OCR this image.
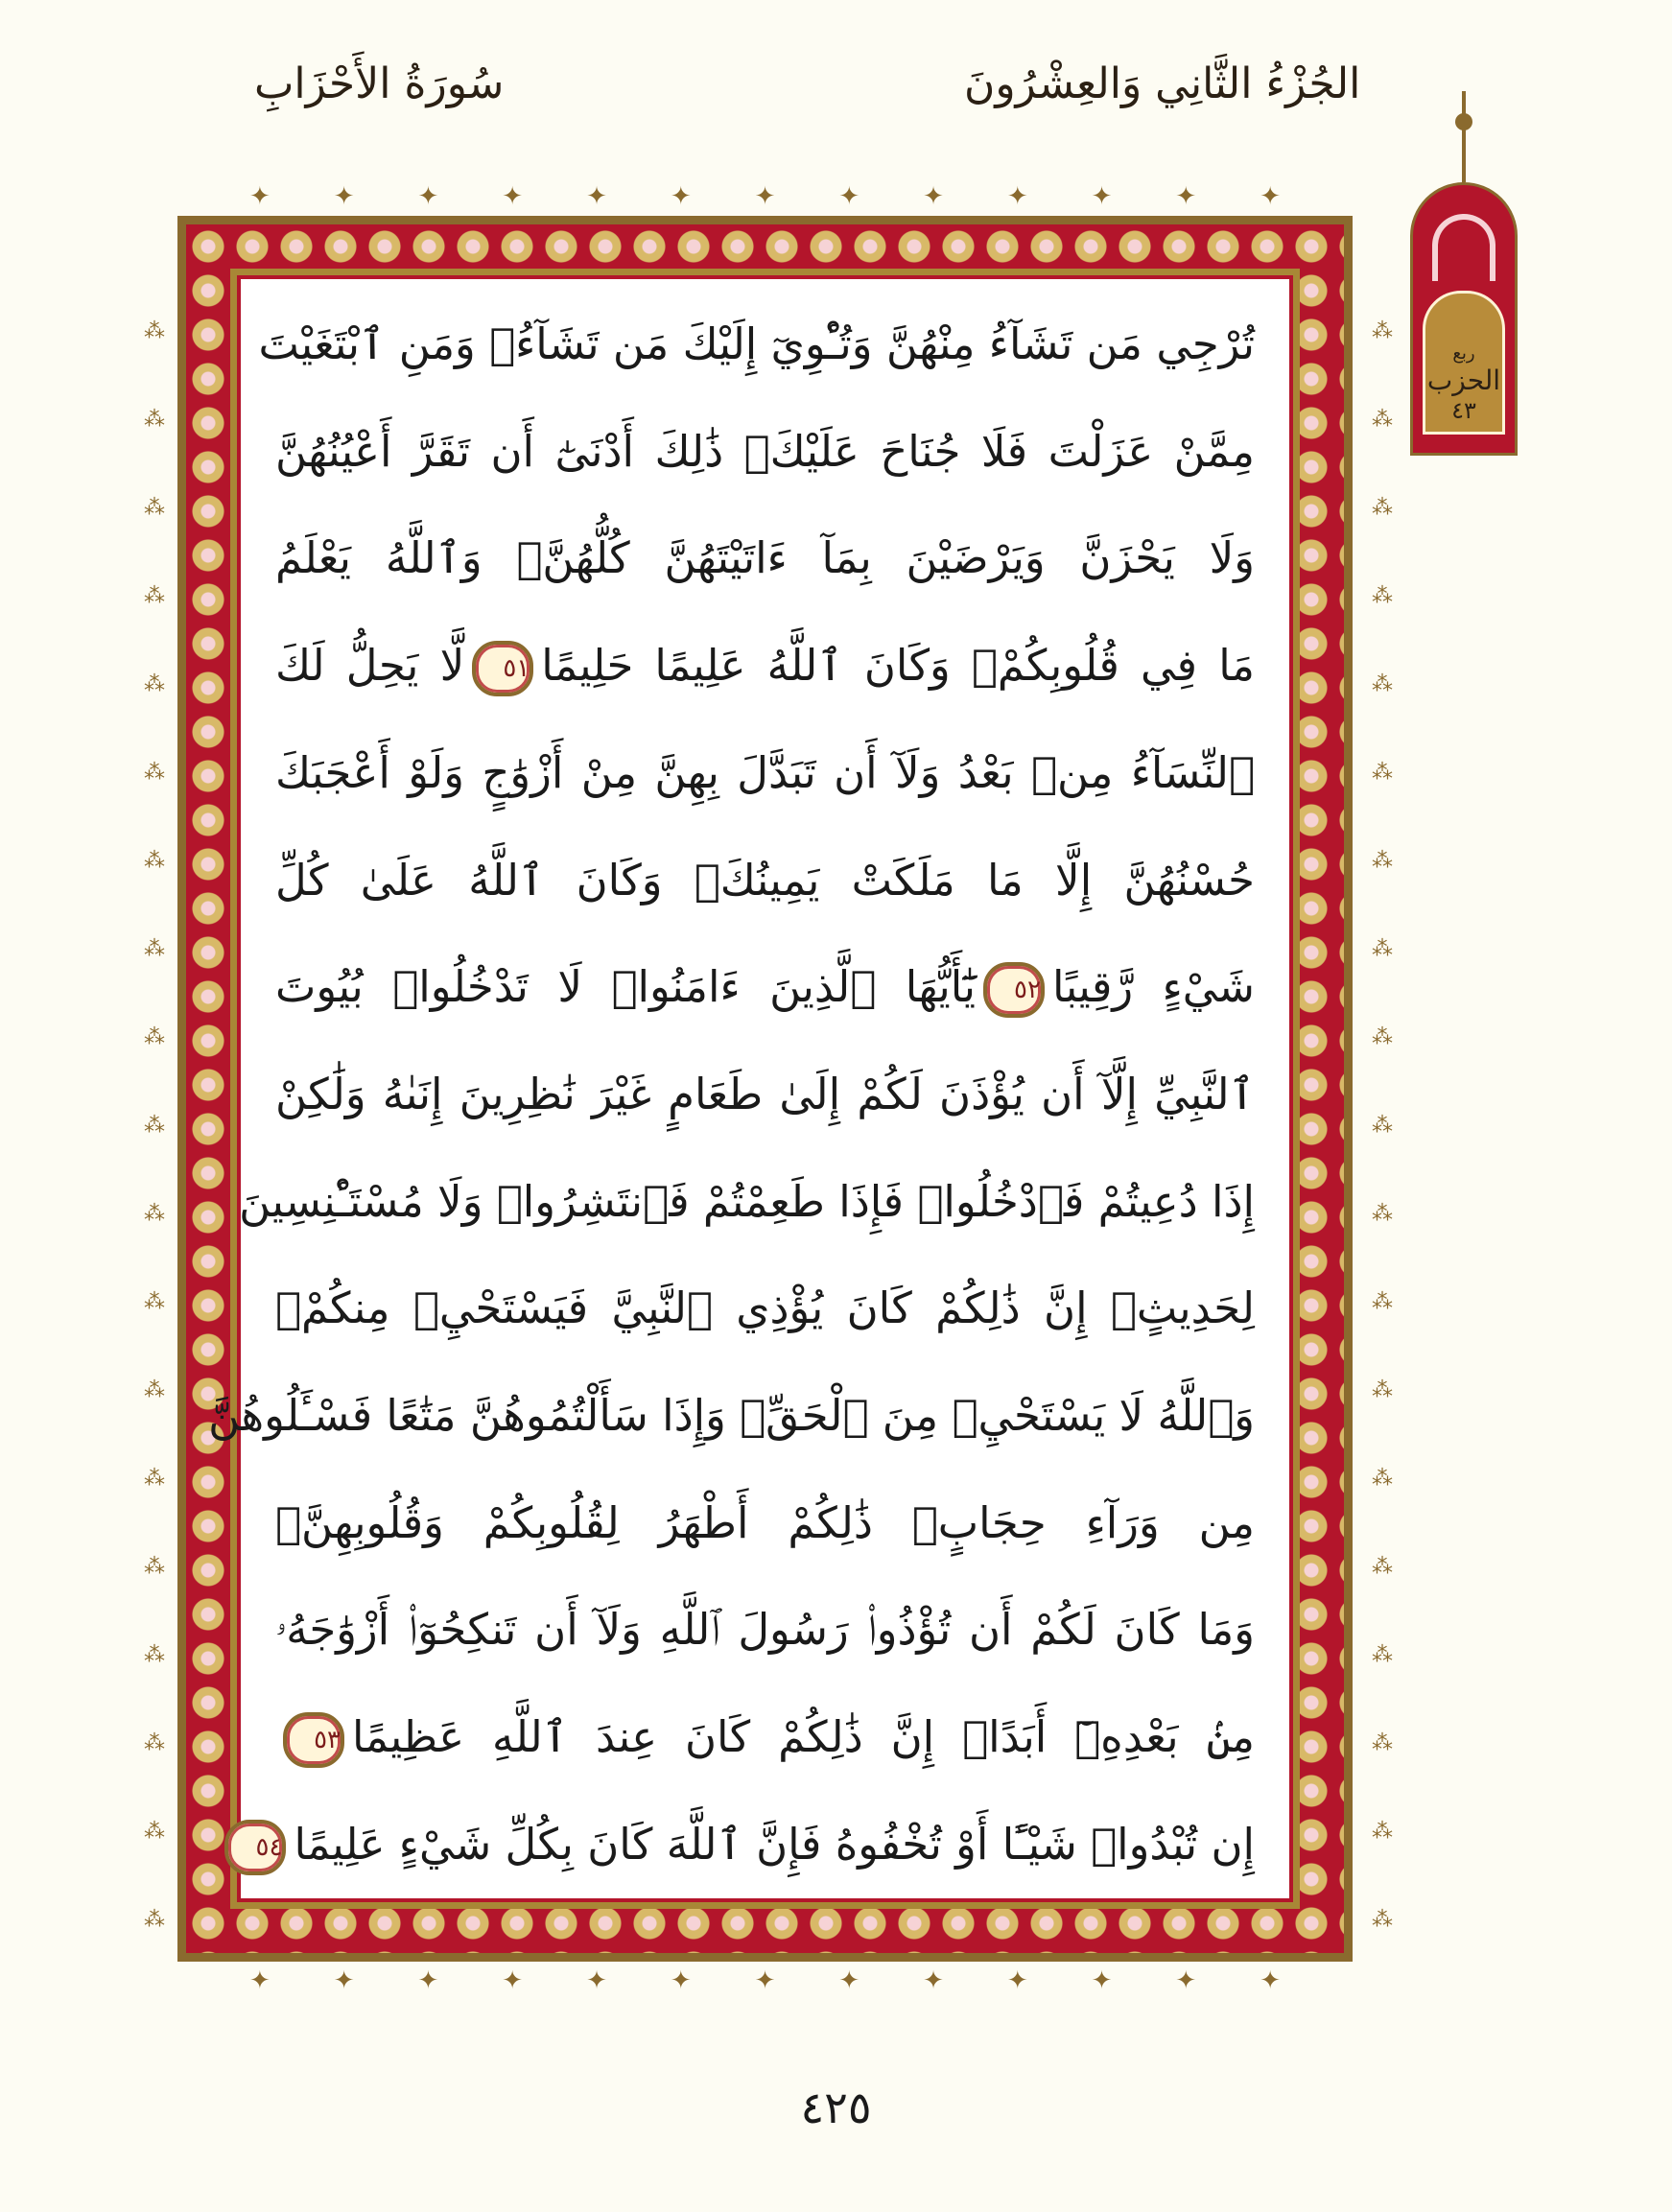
الجُزْءُ الثَّانِي وَالعِشْرُونَ
سُورَةُ الأَحْزَابِ
✦	✦	✦	✦	✦	✦	✦	✦	✦	✦	✦	✦	✦
⁂
⁂
⁂
⁂
⁂
⁂
⁂
⁂
⁂
⁂
⁂
⁂
⁂
⁂
⁂
⁂
⁂
⁂
⁂
⁂
⁂
⁂
⁂
⁂
⁂
⁂
⁂
⁂
⁂
⁂
⁂
⁂
⁂
⁂
⁂
⁂
⁂
⁂
تُرْجِي مَن تَشَآءُ مِنْهُنَّ وَتُـْٔوِيٓ إِلَيْكَ مَن تَشَآءُۖ وَمَنِ ٱبْتَغَيْتَ
مِمَّنْ عَزَلْتَ فَلَا جُنَاحَ عَلَيْكَۚ ذَٰلِكَ أَدْنَىٰٓ أَن تَقَرَّ أَعْيُنُهُنَّ
وَلَا يَحْزَنَّ وَيَرْضَيْنَ بِمَآ ءَاتَيْتَهُنَّ كُلُّهُنَّۚ وَٱللَّهُ يَعْلَمُ
مَا فِي قُلُوبِكُمْۚ وَكَانَ ٱللَّهُ عَلِيمًا حَلِيمًا٥١لَّا يَحِلُّ لَكَ
ٱلنِّسَآءُ مِنۢ بَعْدُ وَلَآ أَن تَبَدَّلَ بِهِنَّ مِنْ أَزْوَٰجٍ وَلَوْ أَعْجَبَكَ
حُسْنُهُنَّ إِلَّا مَا مَلَكَتْ يَمِينُكَۗ وَكَانَ ٱللَّهُ عَلَىٰ كُلِّ
شَيْءٍ رَّقِيبًا٥٢يَٰٓأَيُّهَا ٱلَّذِينَ ءَامَنُوا۟ لَا تَدْخُلُوا۟ بُيُوتَ
ٱلنَّبِيِّ إِلَّآ أَن يُؤْذَنَ لَكُمْ إِلَىٰ طَعَامٍ غَيْرَ نَٰظِرِينَ إِنَىٰهُ وَلَٰكِنْ
إِذَا دُعِيتُمْ فَٱدْخُلُوا۟ فَإِذَا طَعِمْتُمْ فَٱنتَشِرُوا۟ وَلَا مُسْتَـْٔنِسِينَ
لِحَدِيثٍۚ إِنَّ ذَٰلِكُمْ كَانَ يُؤْذِي ٱلنَّبِيَّ فَيَسْتَحْيِۦ مِنكُمْۖ
وَٱللَّهُ لَا يَسْتَحْيِۦ مِنَ ٱلْحَقِّۚ وَإِذَا سَأَلْتُمُوهُنَّ مَتَٰعًا فَسْـَٔلُوهُنَّ
مِن وَرَآءِ حِجَابٍۚ ذَٰلِكُمْ أَطْهَرُ لِقُلُوبِكُمْ وَقُلُوبِهِنَّۚ
وَمَا كَانَ لَكُمْ أَن تُؤْذُوا۟ رَسُولَ ٱللَّهِ وَلَآ أَن تَنكِحُوٓا۟ أَزْوَٰجَهُۥ
مِنۢ بَعْدِهِۦٓ أَبَدًاۚ إِنَّ ذَٰلِكُمْ كَانَ عِندَ ٱللَّهِ عَظِيمًا٥٣
إِن تُبْدُوا۟ شَيْـًٔا أَوْ تُخْفُوهُ فَإِنَّ ٱللَّهَ كَانَ بِكُلِّ شَيْءٍ عَلِيمًا٥٤
✦	✦	✦	✦	✦	✦	✦	✦	✦	✦	✦	✦	✦
ربع
الحزب
٤٣
٤٢٥
